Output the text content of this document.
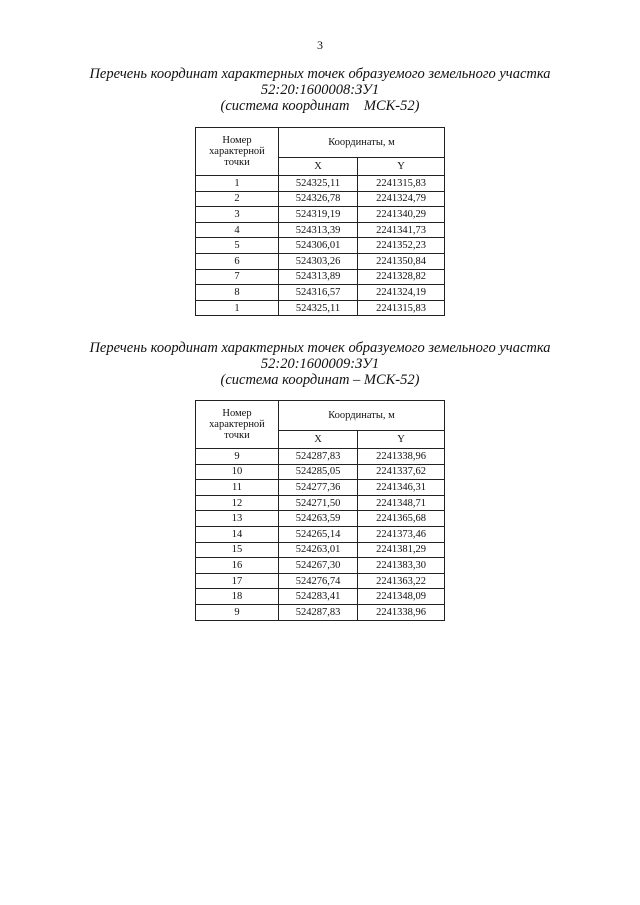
3
Перечень координат характерных точек образуемого земельного участка
52:20:1600008:ЗУ1
(система координат    МСК-52)
Номер характерной точки	Координаты, м	
	X	Y
1	524325,11	2241315,83
2	524326,78	2241324,79
3	524319,19	2241340,29
4	524313,39	2241341,73
5	524306,01	2241352,23
6	524303,26	2241350,84
7	524313,89	2241328,82
8	524316,57	2241324,19
1	524325,11	2241315,83
Перечень координат характерных точек образуемого земельного участка
52:20:1600009:ЗУ1
(система координат – МСК-52)
Номер характерной точки	Координаты, м	
	X	Y
9	524287,83	2241338,96
10	524285,05	2241337,62
11	524277,36	2241346,31
12	524271,50	2241348,71
13	524263,59	2241365,68
14	524265,14	2241373,46
15	524263,01	2241381,29
16	524267,30	2241383,30
17	524276,74	2241363,22
18	524283,41	2241348,09
9	524287,83	2241338,96
